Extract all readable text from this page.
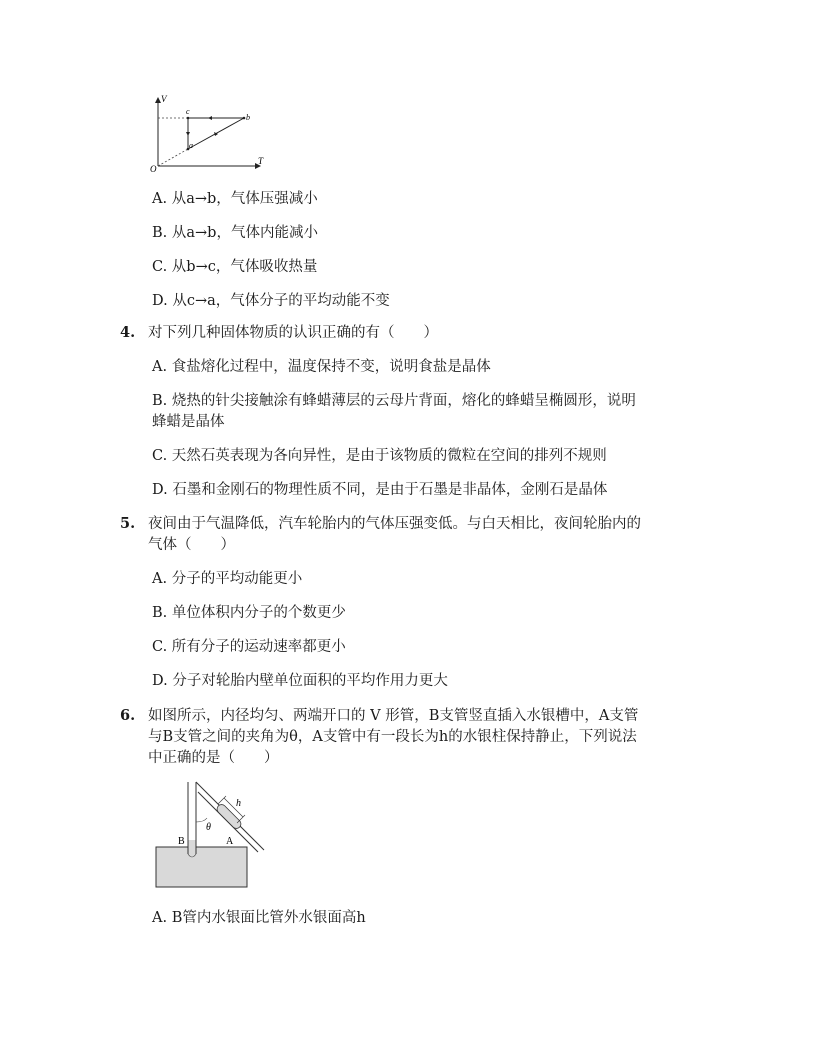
V
T
O
a
b
c
A. 从a→b，气体压强减小
B. 从a→b，气体内能减小
C. 从b→c，气体吸收热量
D. 从c→a，气体分子的平均动能不变
4. 对下列几种固体物质的认识正确的有（　　）
A. 食盐熔化过程中，温度保持不变，说明食盐是晶体
B. 烧热的针尖接触涂有蜂蜡薄层的云母片背面，熔化的蜂蜡呈椭圆形，说明
蜂蜡是晶体
C. 天然石英表现为各向异性，是由于该物质的微粒在空间的排列不规则
D. 石墨和金刚石的物理性质不同，是由于石墨是非晶体，金刚石是晶体
5. 夜间由于气温降低，汽车轮胎内的气体压强变低。与白天相比，夜间轮胎内的
气体（　　）
A. 分子的平均动能更小
B. 单位体积内分子的个数更少
C. 所有分子的运动速率都更小
D. 分子对轮胎内壁单位面积的平均作用力更大
6. 如图所示，内径均匀、两端开口的 V 形管，B支管竖直插入水银槽中，A支管
与B支管之间的夹角为θ，A支管中有一段长为h的水银柱保持静止，下列说法
中正确的是（　　）
h
θ
B	A
A. B管内水银面比管外水银面高h
